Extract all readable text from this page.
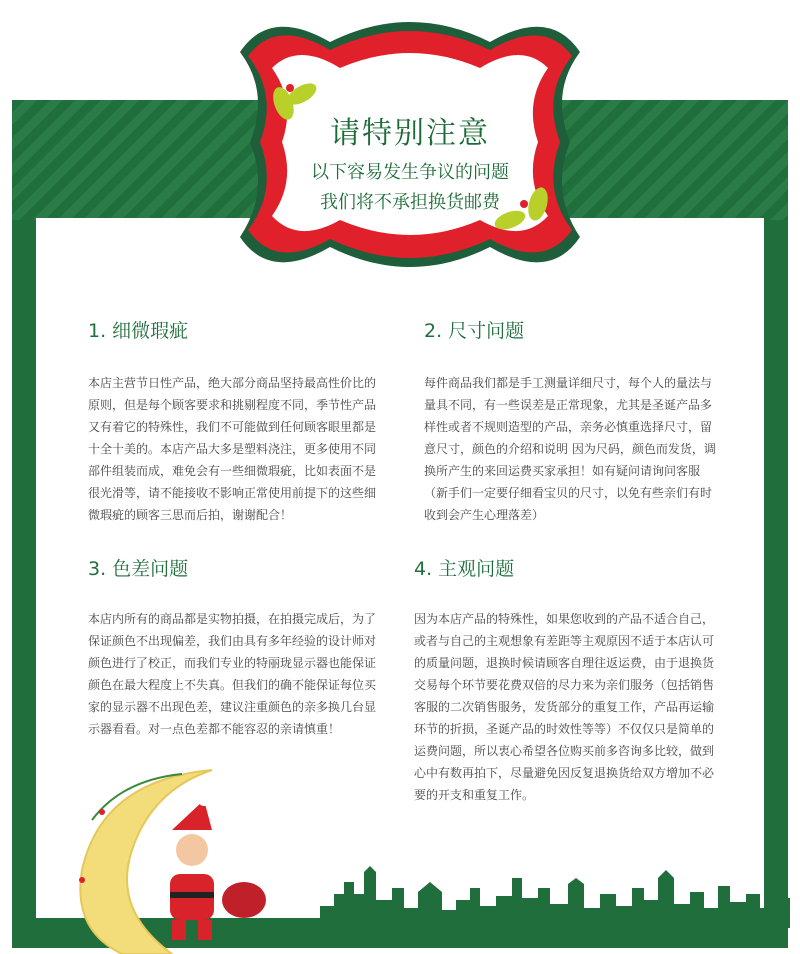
请特别注意
以下容易发生争议的问题
我们将不承担换货邮费
1. 细微瑕疵

本店主营节日性产品，绝大部分商品坚持最高性价比的原则，但是每个顾客要求和挑剔程度不同，季节性产品又有着它的特殊性，我们不可能做到任何顾客眼里都是十全十美的。本店产品大多是塑料浇注，更多使用不同部件组装而成，难免会有一些细微瑕疵，比如表面不是很光滑等，请不能接收不影响正常使用前提下的这些细微瑕疵的顾客三思而后拍，谢谢配合！

2. 尺寸问题

每件商品我们都是手工测量详细尺寸，每个人的量法与量具不同，有一些误差是正常现象，尤其是圣诞产品多样性或者不规则造型的产品，亲务必慎重选择尺寸，留意尺寸，颜色的介绍和说明 因为尺码，颜色而发货，调换所产生的来回运费买家承担！如有疑问请询问客服（新手们一定要仔细看宝贝的尺寸，以免有些亲们有时收到会产生心理落差）

3. 色差问题

本店内所有的商品都是实物拍摄，在拍摄完成后，为了保证颜色不出现偏差，我们由具有多年经验的设计师对颜色进行了校正，而我们专业的特丽珑显示器也能保证颜色在最大程度上不失真。但我们的确不能保证每位买家的显示器不出现色差，建议注重颜色的亲多换几台显示器看看。对一点色差都不能容忍的亲请慎重！

4. 主观问题

因为本店产品的特殊性，如果您收到的产品不适合自己，或者与自己的主观想象有差距等主观原因不适于本店认可的质量问题，退换时候请顾客自理往返运费，由于退换货交易每个环节要花费双倍的尽力来为亲们服务（包括销售客服的二次销售服务，发货部分的重复工作，产品再运输环节的折损，圣诞产品的时效性等等）不仅仅只是简单的运费问题，所以衷心希望各位购买前多咨询多比较，做到心中有数再拍下，尽量避免因反复退换货给双方增加不必要的开支和重复工作。
